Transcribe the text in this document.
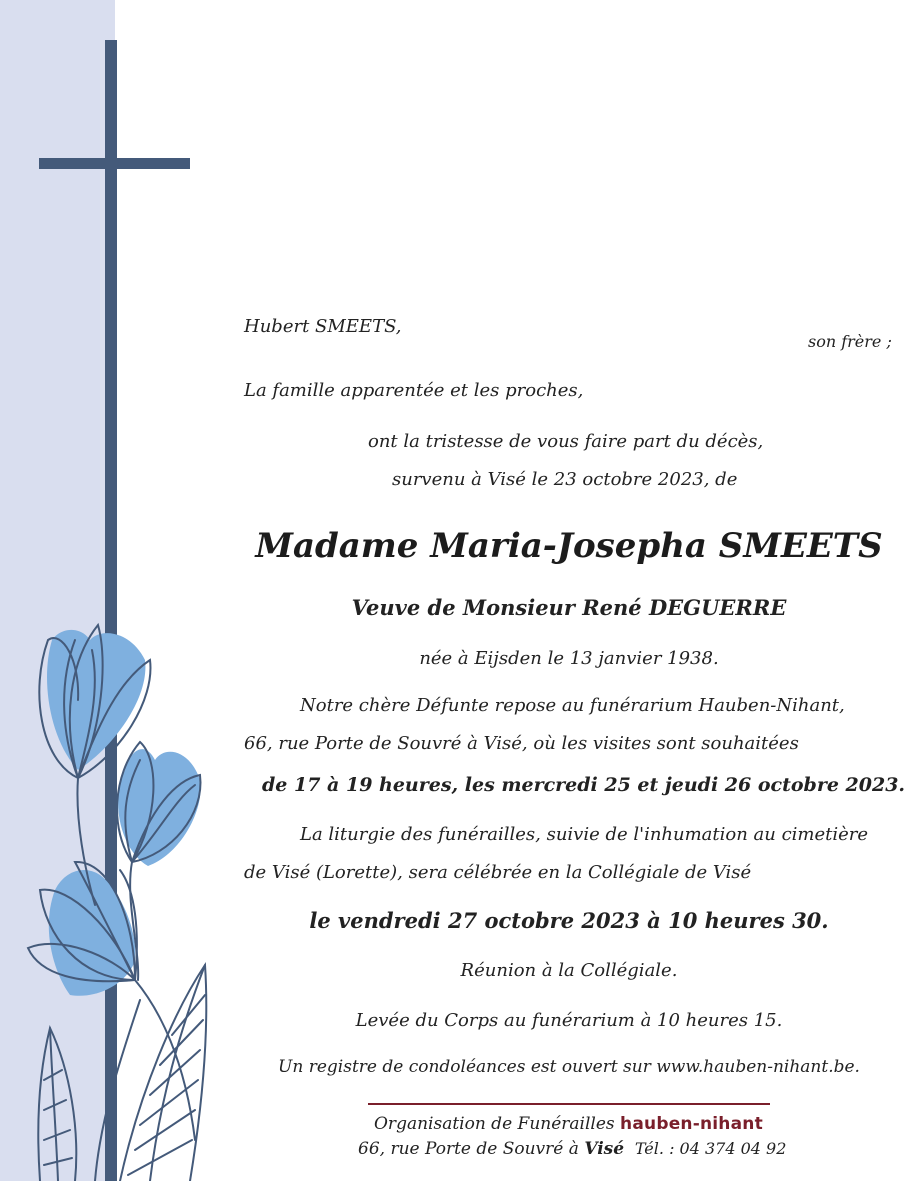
Hubert SMEETS,
son frère ;
La famille apparentée et les proches,
ont la tristesse de vous faire part du décès,
survenu à Visé le 23 octobre 2023, de
Madame Maria-Josepha SMEETS
Veuve de Monsieur René DEGUERRE
née à Eijsden le 13 janvier 1938.
Notre chère Défunte repose au funérarium Hauben-Nihant,
66, rue Porte de Souvré à Visé, où les visites sont souhaitées
de 17 à 19 heures, les mercredi 25 et jeudi 26 octobre 2023.
La liturgie des funérailles, suivie de l'inhumation au cimetière
de Visé (Lorette), sera célébrée en la Collégiale de Visé
le vendredi 27 octobre 2023 à 10 heures 30.
Réunion à la Collégiale.
Levée du Corps au funérarium à 10 heures 15.
Un registre de condoléances est ouvert sur www.hauben-nihant.be.
Organisation de Funérailles hauben-nihant
66, rue Porte de Souvré à Visé Tél. : 04 374 04 92
